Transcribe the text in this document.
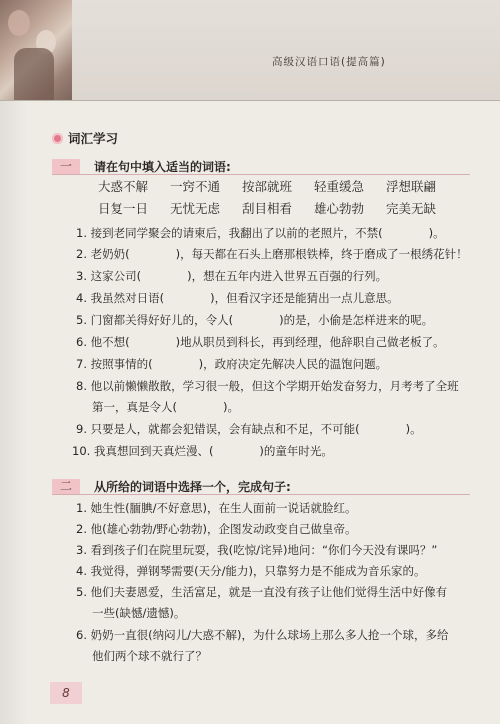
高级汉语口语(提高篇)
词汇学习
一	请在句中填入适当的词语:
大惑不解	一窍不通	按部就班	轻重缓急	浮想联翩
日复一日	无忧无虑	刮目相看	雄心勃勃	完美无缺
1. 接到老同学聚会的请柬后，我翻出了以前的老照片，不禁(　　　　)。
2. 老奶奶(　　　　)，每天都在石头上磨那根铁棒，终于磨成了一根绣花针！
3. 这家公司(　　　　)，想在五年内进入世界五百强的行列。
4. 我虽然对日语(　　　　)，但看汉字还是能猜出一点儿意思。
5. 门窗都关得好好儿的，令人(　　　　)的是，小偷是怎样进来的呢。
6. 他不想(　　　　)地从职员到科长，再到经理，他辞职自己做老板了。
7. 按照事情的(　　　　)，政府决定先解决人民的温饱问题。
8. 他以前懒懒散散，学习很一般，但这个学期开始发奋努力，月考考了全班
第一，真是令人(　　　　)。
9. 只要是人，就都会犯错误，会有缺点和不足，不可能(　　　　)。
10. 我真想回到天真烂漫、(　　　　)的童年时光。
二	从所给的词语中选择一个，完成句子:
1. 她生性(腼腆/不好意思)，在生人面前一说话就脸红。
2. 他(雄心勃勃/野心勃勃)，企图发动政变自己做皇帝。
3. 看到孩子们在院里玩耍，我(吃惊/诧异)地问：“你们今天没有课吗？”
4. 我觉得，弹钢琴需要(天分/能力)，只靠努力是不能成为音乐家的。
5. 他们夫妻恩爱，生活富足，就是一直没有孩子让他们觉得生活中好像有
一些(缺憾/遗憾)。
6. 奶奶一直很(纳闷儿/大惑不解)，为什么球场上那么多人抢一个球，多给
他们两个球不就行了？
8
